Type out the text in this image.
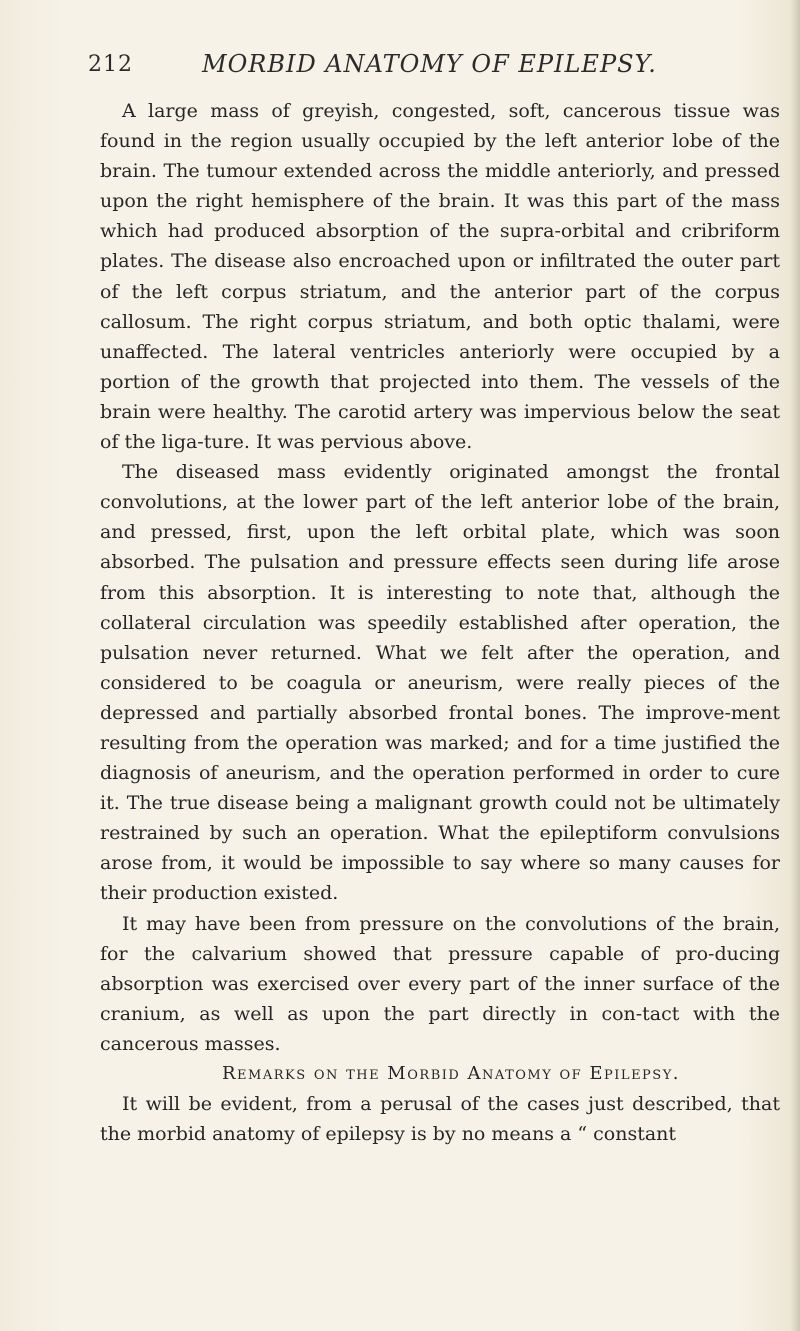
212	MORBID ANATOMY OF EPILEPSY.

A large mass of greyish, congested, soft, cancerous tissue was found in the region usually occupied by the left anterior lobe of the brain. The tumour extended across the middle anteriorly, and pressed upon the right hemisphere of the brain. It was this part of the mass which had produced absorption of the supra-orbital and cribriform plates. The disease also encroached upon or infiltrated the outer part of the left corpus striatum, and the anterior part of the corpus callosum. The right corpus striatum, and both optic thalami, were unaffected. The lateral ventricles anteriorly were occupied by a portion of the growth that projected into them. The vessels of the brain were healthy. The carotid artery was impervious below the seat of the liga-ture. It was pervious above.

The diseased mass evidently originated amongst the frontal convolutions, at the lower part of the left anterior lobe of the brain, and pressed, first, upon the left orbital plate, which was soon absorbed. The pulsation and pressure effects seen during life arose from this absorption. It is interesting to note that, although the collateral circulation was speedily established after operation, the pulsation never returned. What we felt after the operation, and considered to be coagula or aneurism, were really pieces of the depressed and partially absorbed frontal bones. The improve-ment resulting from the operation was marked; and for a time justified the diagnosis of aneurism, and the operation performed in order to cure it. The true disease being a malignant growth could not be ultimately restrained by such an operation. What the epileptiform convulsions arose from, it would be impossible to say where so many causes for their production existed.

It may have been from pressure on the convolutions of the brain, for the calvarium showed that pressure capable of pro-ducing absorption was exercised over every part of the inner surface of the cranium, as well as upon the part directly in con-tact with the cancerous masses.

Remarks on the Morbid Anatomy of Epilepsy.

It will be evident, from a perusal of the cases just described, that the morbid anatomy of epilepsy is by no means a “ constant
